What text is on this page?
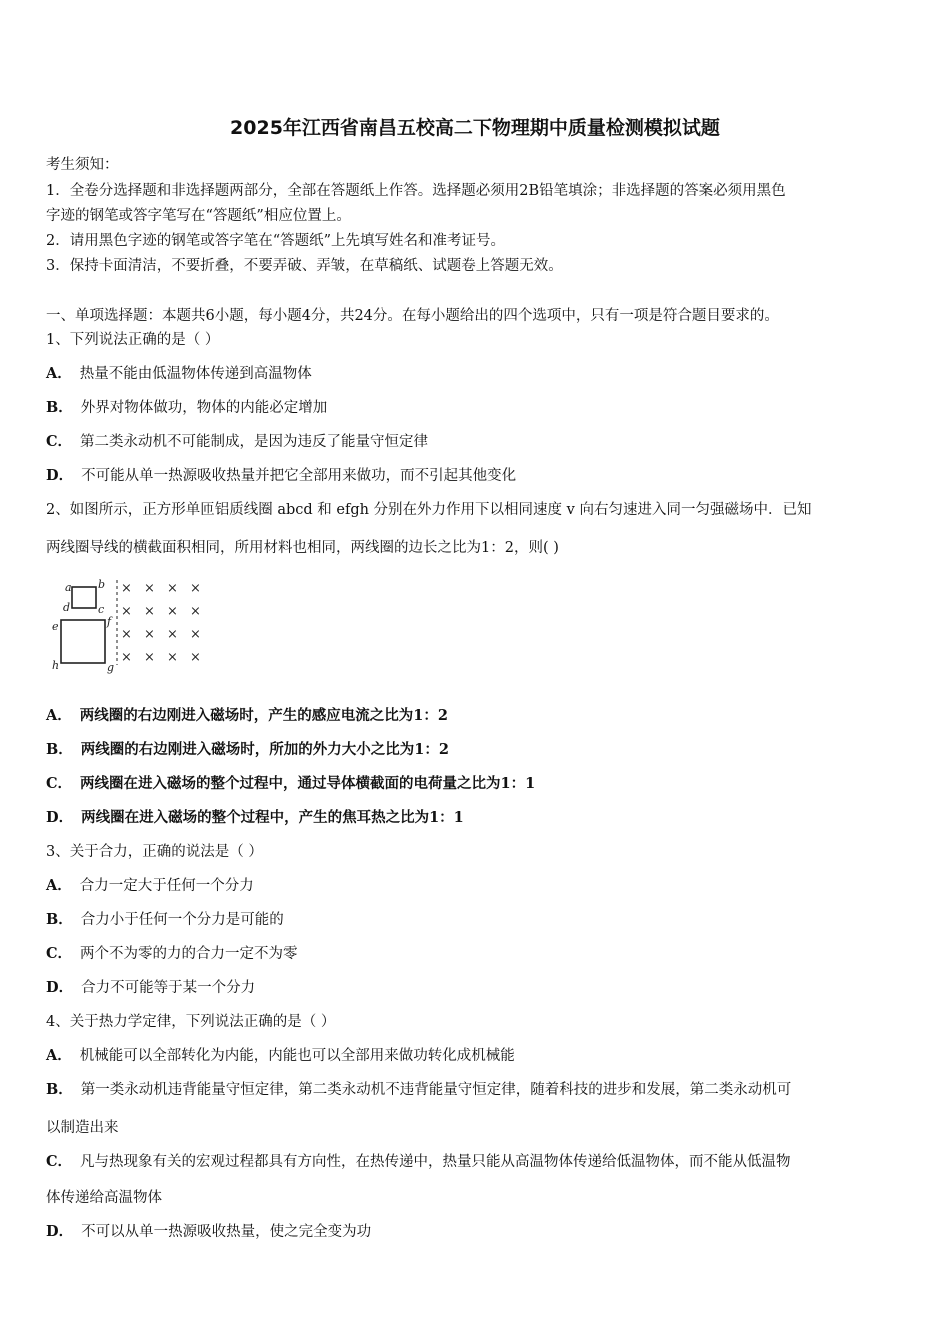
2025年江西省南昌五校高二下物理期中质量检测模拟试题
考生须知：
1．全卷分选择题和非选择题两部分，全部在答题纸上作答。选择题必须用2B铅笔填涂；非选择题的答案必须用黑色
字迹的钢笔或答字笔写在“答题纸”相应位置上。
2．请用黑色字迹的钢笔或答字笔在“答题纸”上先填写姓名和准考证号。
3．保持卡面清洁，不要折叠，不要弄破、弄皱，在草稿纸、试题卷上答题无效。
一、单项选择题：本题共6小题，每小题4分，共24分。在每小题给出的四个选项中，只有一项是符合题目要求的。
1、下列说法正确的是（ ）
A． 热量不能由低温物体传递到高温物体
B． 外界对物体做功，物体的内能必定增加
C． 第二类永动机不可能制成，是因为违反了能量守恒定律
D． 不可能从单一热源吸收热量并把它全部用来做功，而不引起其他变化
2、如图所示，正方形单匝铝质线圈 abcd 和 efgh 分别在外力作用下以相同速度 v 向右匀速进入同一匀强磁场中．已知
两线圈导线的横截面积相同，所用材料也相同，两线圈的边长之比为1：2，则( )
a b
d	c
e	f
h	g
× × × ×
× × × ×
× × × ×
× × × ×
A． 两线圈的右边刚进入磁场时，产生的感应电流之比为1：2
B． 两线圈的右边刚进入磁场时，所加的外力大小之比为1：2
C． 两线圈在进入磁场的整个过程中，通过导体横截面的电荷量之比为1：1
D． 两线圈在进入磁场的整个过程中，产生的焦耳热之比为1：1
3、关于合力，正确的说法是（ ）
A． 合力一定大于任何一个分力
B． 合力小于任何一个分力是可能的
C． 两个不为零的力的合力一定不为零
D． 合力不可能等于某一个分力
4、关于热力学定律，下列说法正确的是（ ）
A． 机械能可以全部转化为内能，内能也可以全部用来做功转化成机械能
B． 第一类永动机违背能量守恒定律，第二类永动机不违背能量守恒定律，随着科技的进步和发展，第二类永动机可
以制造出来
C． 凡与热现象有关的宏观过程都具有方向性，在热传递中，热量只能从高温物体传递给低温物体，而不能从低温物
体传递给高温物体
D． 不可以从单一热源吸收热量，使之完全变为功
